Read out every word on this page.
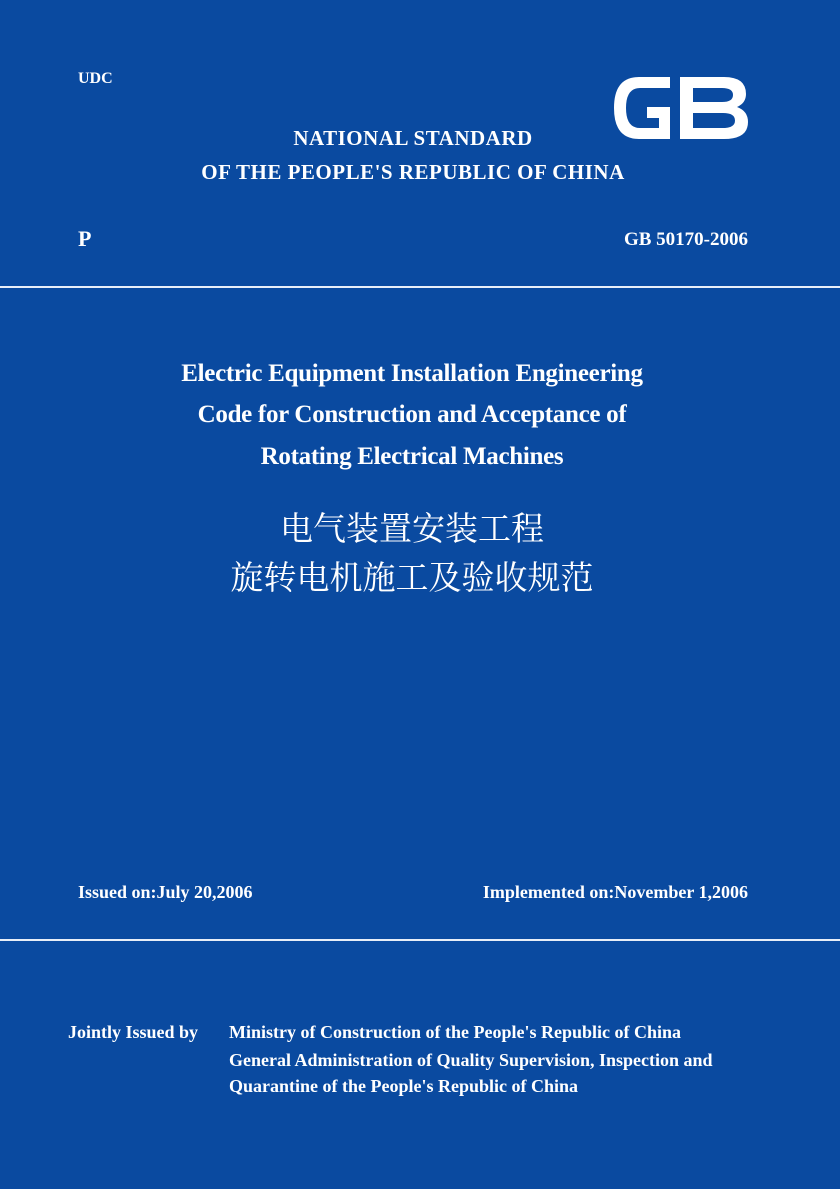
UDC
NATIONAL STANDARD
OF THE PEOPLE'S REPUBLIC OF CHINA
P	GB 50170-2006
Electric Equipment Installation Engineering
Code for Construction and Acceptance of
Rotating Electrical Machines
电气装置安装工程
旋转电机施工及验收规范
Issued on:July 20,2006	Implemented on:November 1,2006
Jointly Issued by Ministry of Construction of the People's Republic of China
General Administration of Quality Supervision, Inspection and
Quarantine of the People's Republic of China
